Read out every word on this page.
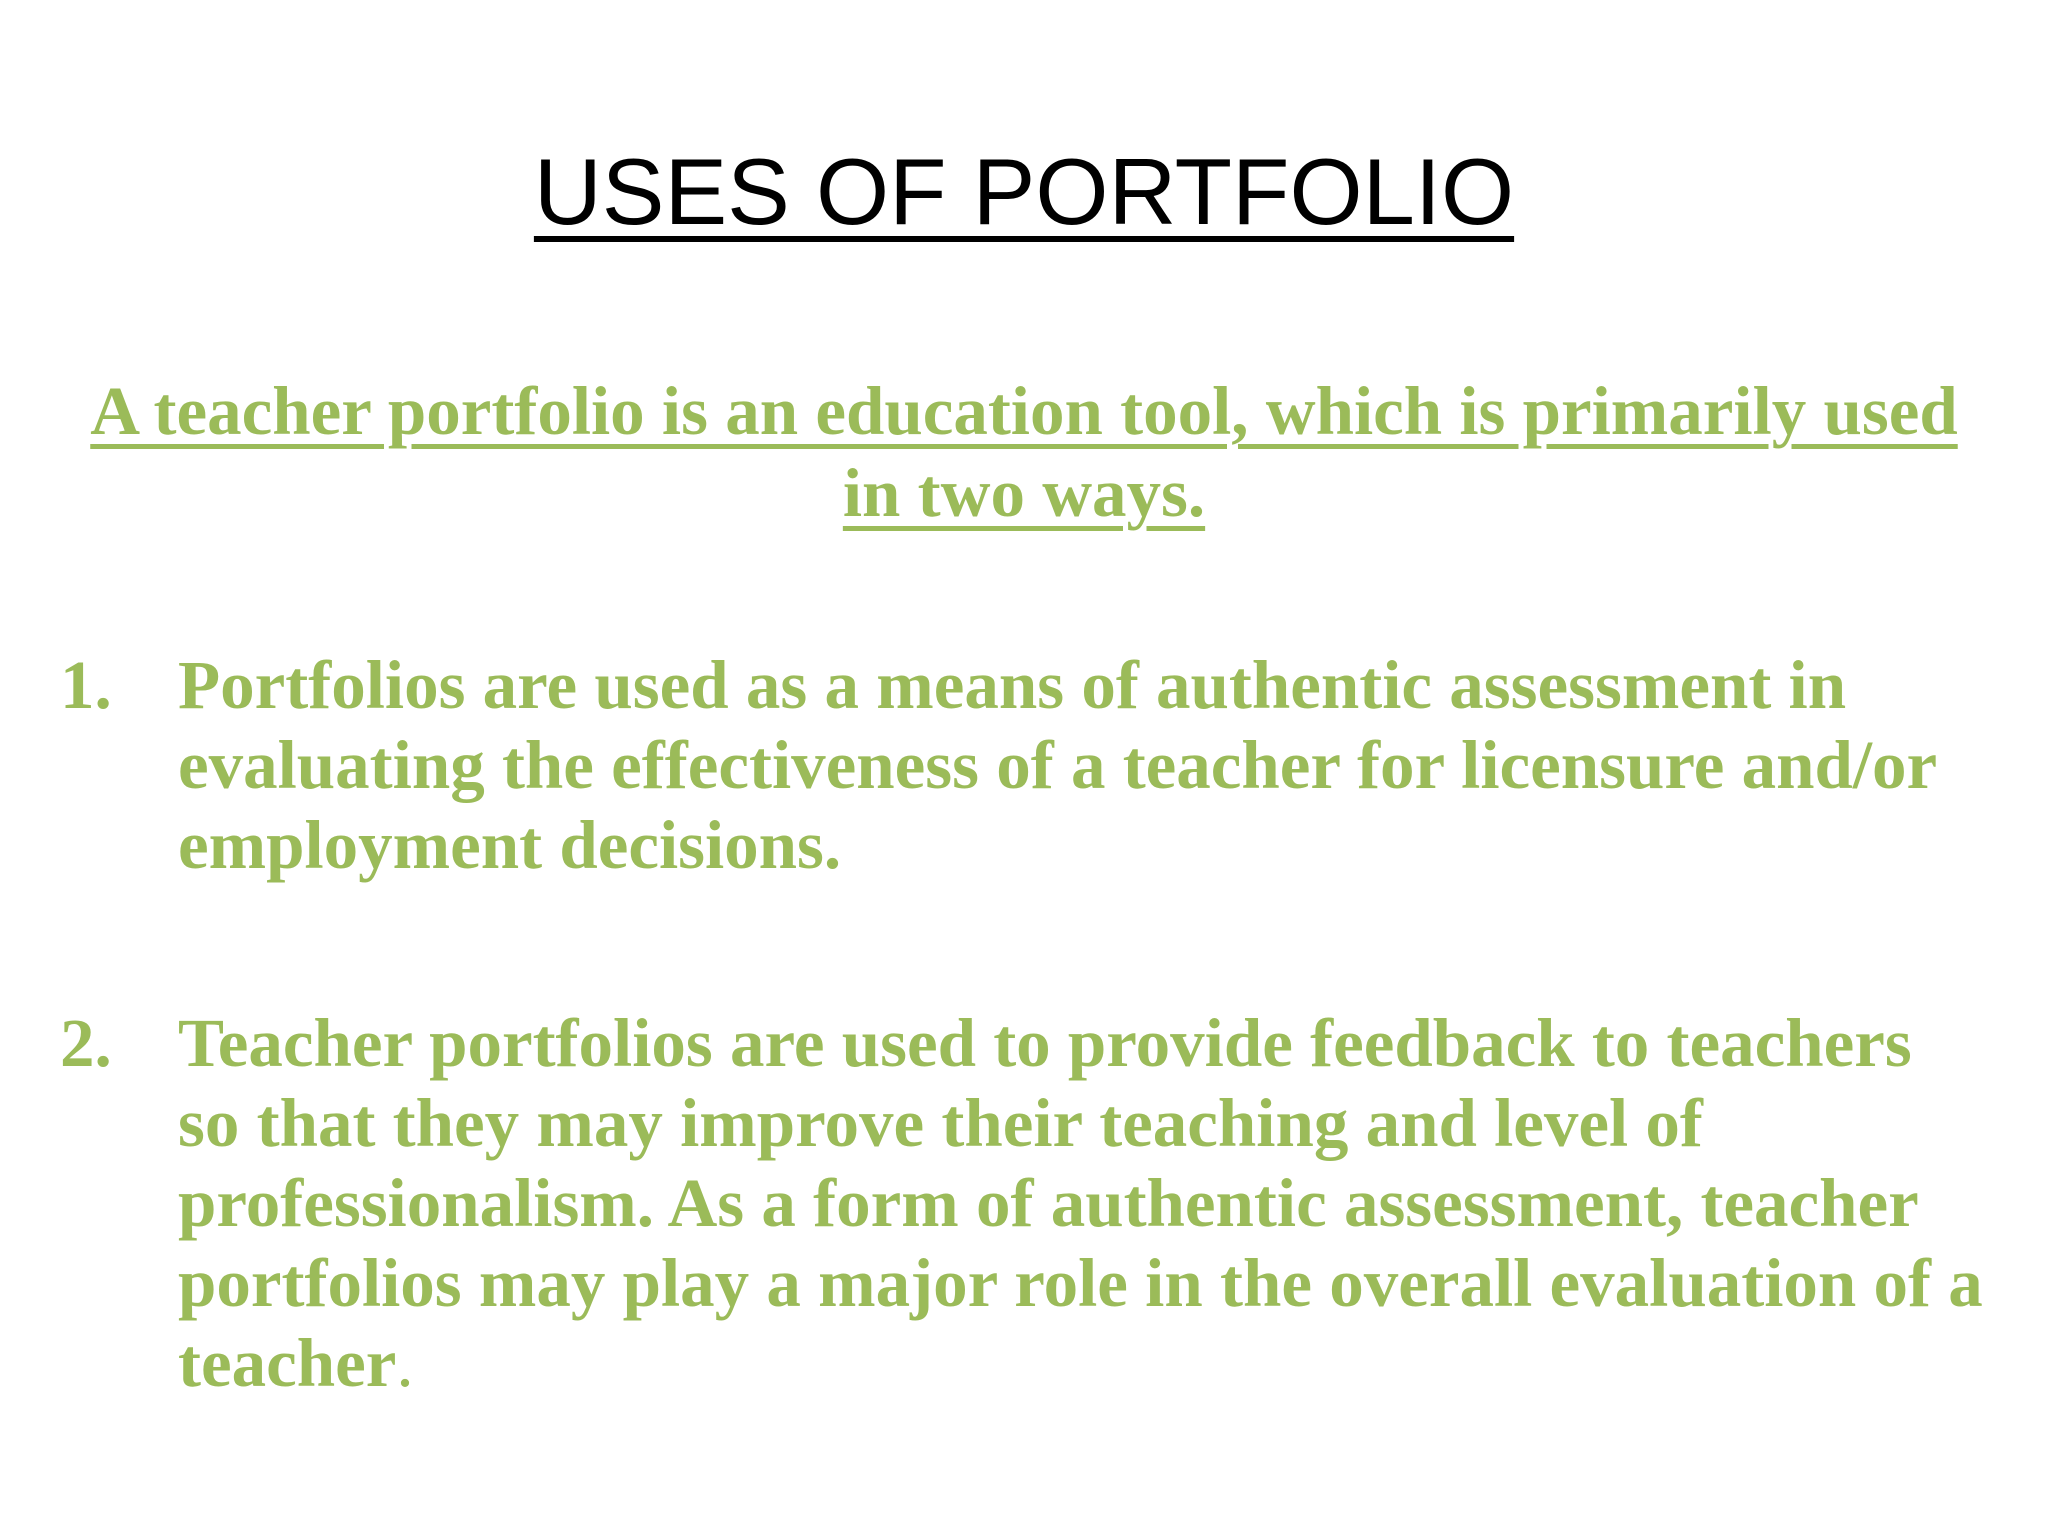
USES OF PORTFOLIO
A teacher portfolio is an education tool, which is primarily used in two ways.
1. Portfolios are used as a means of authentic assessment in evaluating the effectiveness of a teacher for licensure and/or employment decisions.
2. Teacher portfolios are used to provide feedback to teachers so that they may improve their teaching and level of professionalism. As a form of authentic assessment, teacher portfolios may play a major role in the overall evaluation of a teacher.
